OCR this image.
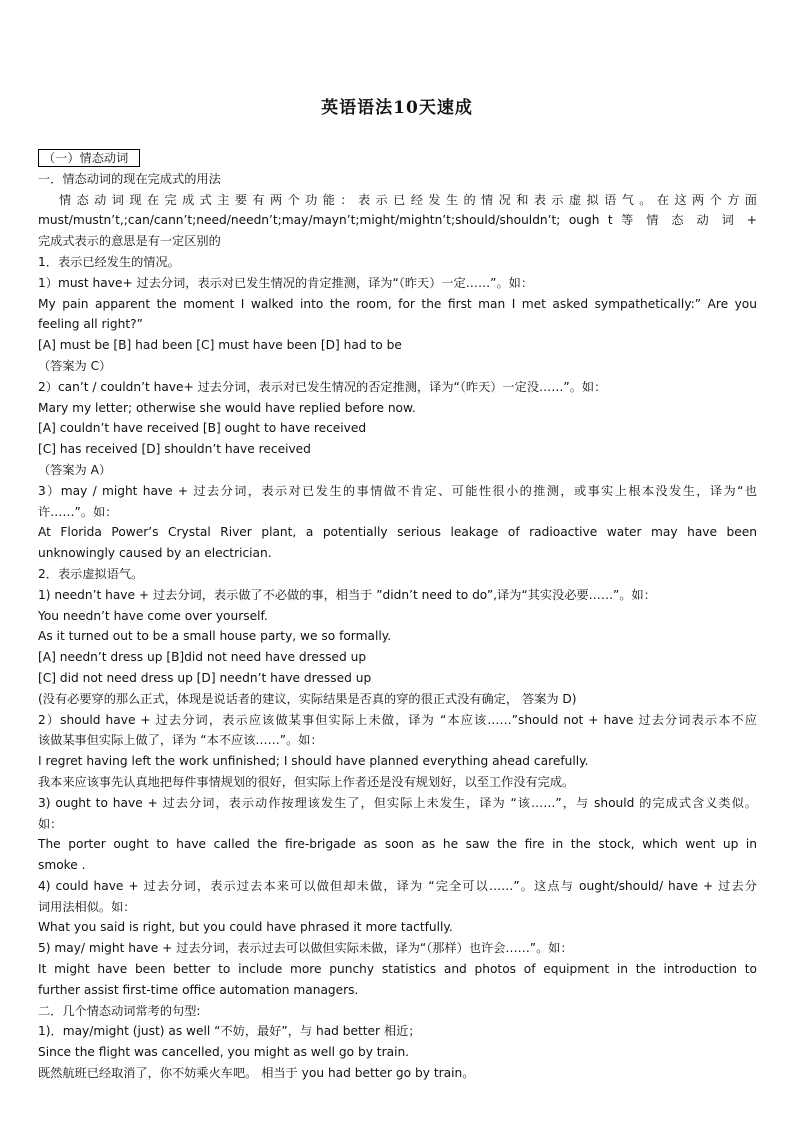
英语语法10天速成
（一）情态动词
一．情态动词的现在完成式的用法
情 态 动 词 现 在 完 成 式 主 要 有 两 个 功 能 ： 表 示 已 经 发 生 的 情 况 和 表 示 虚 拟 语 气 。 在 这 两 个 方 面
must/mustn’t,;can/cann’t;need/needn’t;may/mayn’t;might/mightn’t;should/shouldn’t; ough t 等 情 态 动 词 +
完成式表示的意思是有一定区别的
1．表示已经发生的情况。
1）must have+ 过去分词，表示对已发生情况的肯定推测，译为“（昨天）一定……”。如：
My pain apparent the moment I walked into the room, for the first man I met asked sympathetically:” Are you
feeling all right?”
[A] must be [B] had been [C] must have been [D] had to be
（答案为 C）
2）can’t / couldn’t have+ 过去分词，表示对已发生情况的否定推测，译为“（昨天）一定没……”。如：
Mary my letter; otherwise she would have replied before now.
[A] couldn’t have received [B] ought to have received
[C] has received [D] shouldn’t have received
（答案为 A）
3）may / might have + 过去分词，表示对已发生的事情做不肯定、可能性很小的推测，或事实上根本没发生，译为“也
许……”。如：
At Florida Power’s Crystal River plant, a potentially serious leakage of radioactive water may have been
unknowingly caused by an electrician.
2．表示虚拟语气。
1) needn’t have + 过去分词，表示做了不必做的事，相当于 ”didn’t need to do”,译为“其实没必要……”。如：
You needn’t have come over yourself.
As it turned out to be a small house party, we so formally.
[A] needn’t dress up [B]did not need have dressed up
[C] did not need dress up [D] needn’t have dressed up
(没有必要穿的那么正式，体现是说话者的建议，实际结果是否真的穿的很正式没有确定， 答案为 D)
2）should have + 过去分词，表示应该做某事但实际上未做，译为 “本应该……”should not + have 过去分词表示本不应
该做某事但实际上做了，译为 “本不应该……”。如：
I regret having left the work unfinished; I should have planned everything ahead carefully.
我本来应该事先认真地把每件事情规划的很好，但实际上作者还是没有规划好，以至工作没有完成。
3) ought to have + 过去分词，表示动作按理该发生了，但实际上未发生，译为 “该……”，与 should 的完成式含义类似。
如：
The porter ought to have called the fire-brigade as soon as he saw the fire in the stock, which went up in
smoke .
4) could have + 过去分词，表示过去本来可以做但却未做，译为 “完全可以……”。这点与 ought/should/ have + 过去分
词用法相似。如：
What you said is right, but you could have phrased it more tactfully.
5) may/ might have + 过去分词，表示过去可以做但实际未做，译为“（那样）也许会……”。如：
It might have been better to include more punchy statistics and photos of equipment in the introduction to
further assist first-time office automation managers.
二．几个情态动词常考的句型:
1)．may/might (just) as well “不妨，最好”，与 had better 相近；
Since the flight was cancelled, you might as well go by train.
既然航班已经取消了，你不妨乘火车吧。 相当于 you had better go by train。
